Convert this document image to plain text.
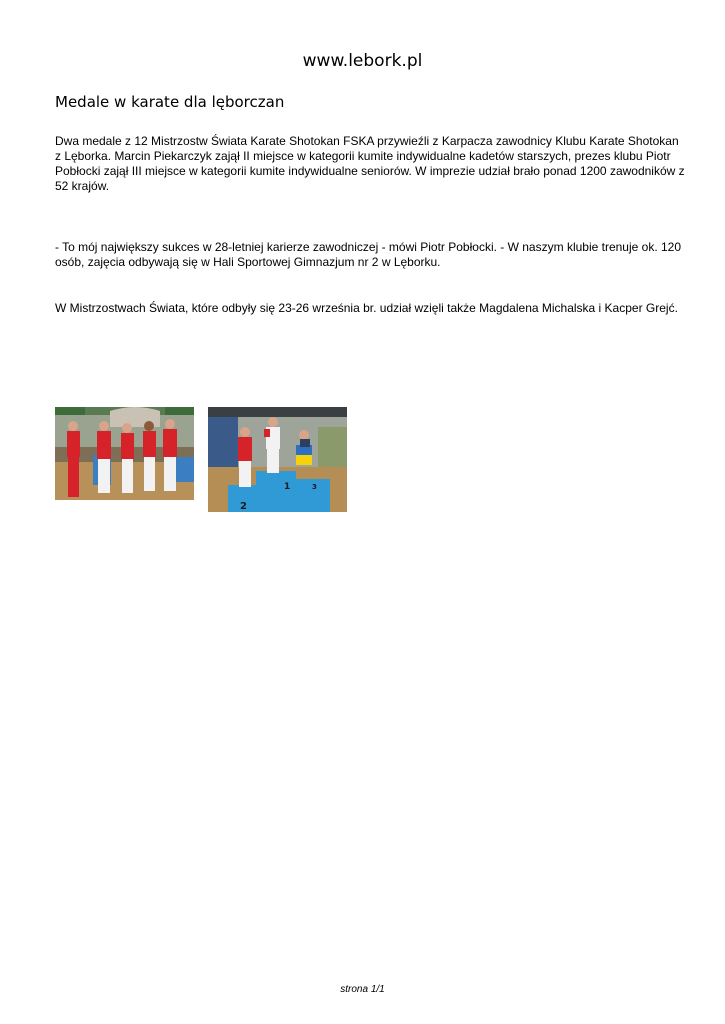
www.lebork.pl
Medale w karate dla lęborczan

Dwa medale z 12 Mistrzostw Świata Karate Shotokan FSKA przywieźli z Karpacza zawodnicy Klubu Karate Shotokan z Lęborka. Marcin Piekarczyk zajął II miejsce w kategorii kumite indywidualne kadetów starszych, prezes klubu Piotr Pobłocki zajął III miejsce w kategorii kumite indywidualne seniorów. W imprezie udział brało ponad 1200 zawodników z 52 krajów.

- To mój największy sukces w 28-letniej karierze zawodniczej - mówi Piotr Pobłocki. - W naszym klubie trenuje ok. 120 osób, zajęcia odbywają się w Hali Sportowej Gimnazjum nr 2 w Lęborku.

W Mistrzostwach Świata, które odbyły się 23-26 września br. udział wzięli także Magdalena Michalska i Kacper Grejć.

2
1	3
strona 1/1
